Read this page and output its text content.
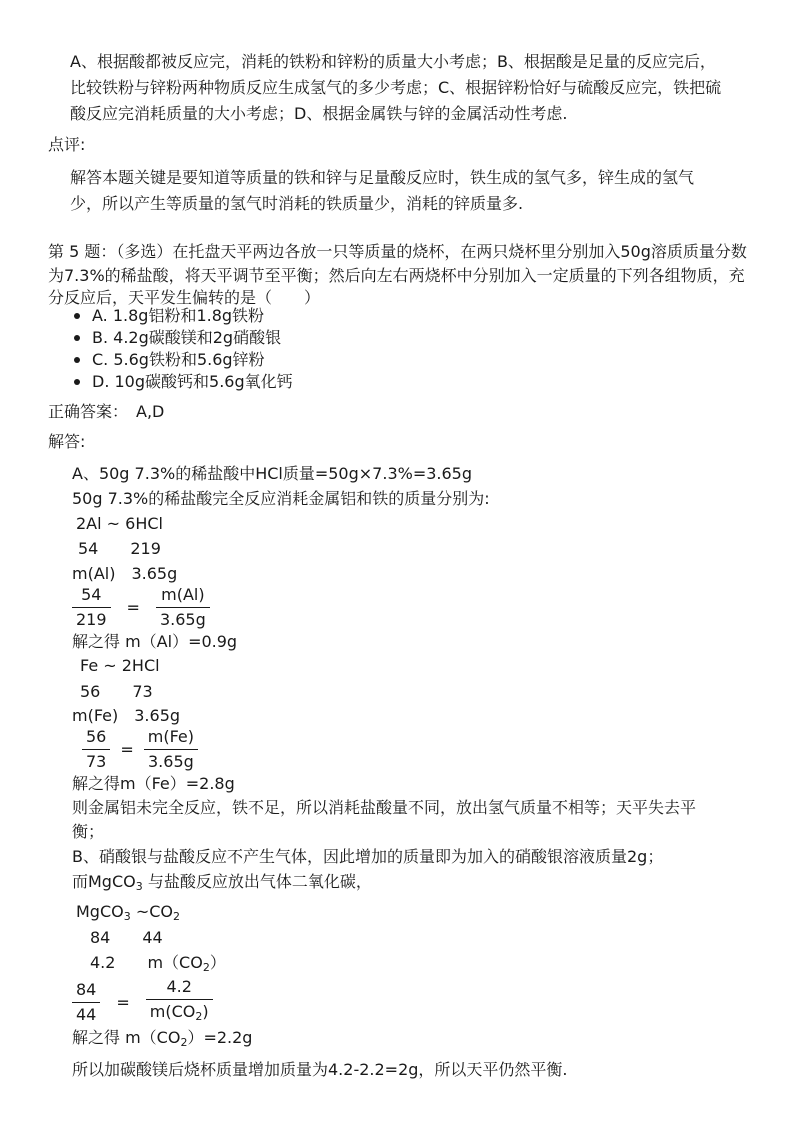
A、根据酸都被反应完，消耗的铁粉和锌粉的质量大小考虑；B、根据酸是足量的反应完后，
比较铁粉与锌粉两种物质反应生成氢气的多少考虑；C、根据锌粉恰好与硫酸反应完，铁把硫
酸反应完消耗质量的大小考虑；D、根据金属铁与锌的金属活动性考虑.
点评:
解答本题关键是要知道等质量的铁和锌与足量酸反应时，铁生成的氢气多，锌生成的氢气
少，所以产生等质量的氢气时消耗的铁质量少，消耗的锌质量多.
第 5 题：（多选）在托盘天平两边各放一只等质量的烧杯，在两只烧杯里分别加入50g溶质质量分数
为7.3%的稀盐酸，将天平调节至平衡；然后向左右两烧杯中分别加入一定质量的下列各组物质，充
分反应后，天平发生偏转的是（　　）
A. 1.8g铝粉和1.8g铁粉
B. 4.2g碳酸镁和2g硝酸银
C. 5.6g铁粉和5.6g锌粉
D. 10g碳酸钙和5.6g氧化钙
正确答案： A,D
解答:
A、50g 7.3%的稀盐酸中HCl质量=50g×7.3%=3.65g
50g 7.3%的稀盐酸完全反应消耗金属铝和铁的质量分别为:
2Al ~ 6HCl
54　　219
m(Al)　3.65g
$\frac{54}{219} = \frac{m(Al)}{3.65g}$
解之得 m（Al）=0.9g
Fe ~ 2HCl
56　　73
m(Fe)　3.65g
$\frac{56}{73} = \frac{m(Fe)}{3.65g}$
解之得m（Fe）=2.8g
则金属铝未完全反应，铁不足，所以消耗盐酸量不同，放出氢气质量不相等；天平失去平
衡；
B、硝酸银与盐酸反应不产生气体，因此增加的质量即为加入的硝酸银溶液质量2g；
而MgCO$_3$ 与盐酸反应放出气体二氧化碳，
MgCO$_3$ $\sim CO_2$
84　　44
4.2　　$m(CO_2)$
$\frac{84}{44} = \frac{4.2}{m(CO_2)}$
解之得 $m(CO_2)=2.2g$
所以加碳酸镁后烧杯质量增加质量为4.2-2.2=2g，所以天平仍然平衡.
